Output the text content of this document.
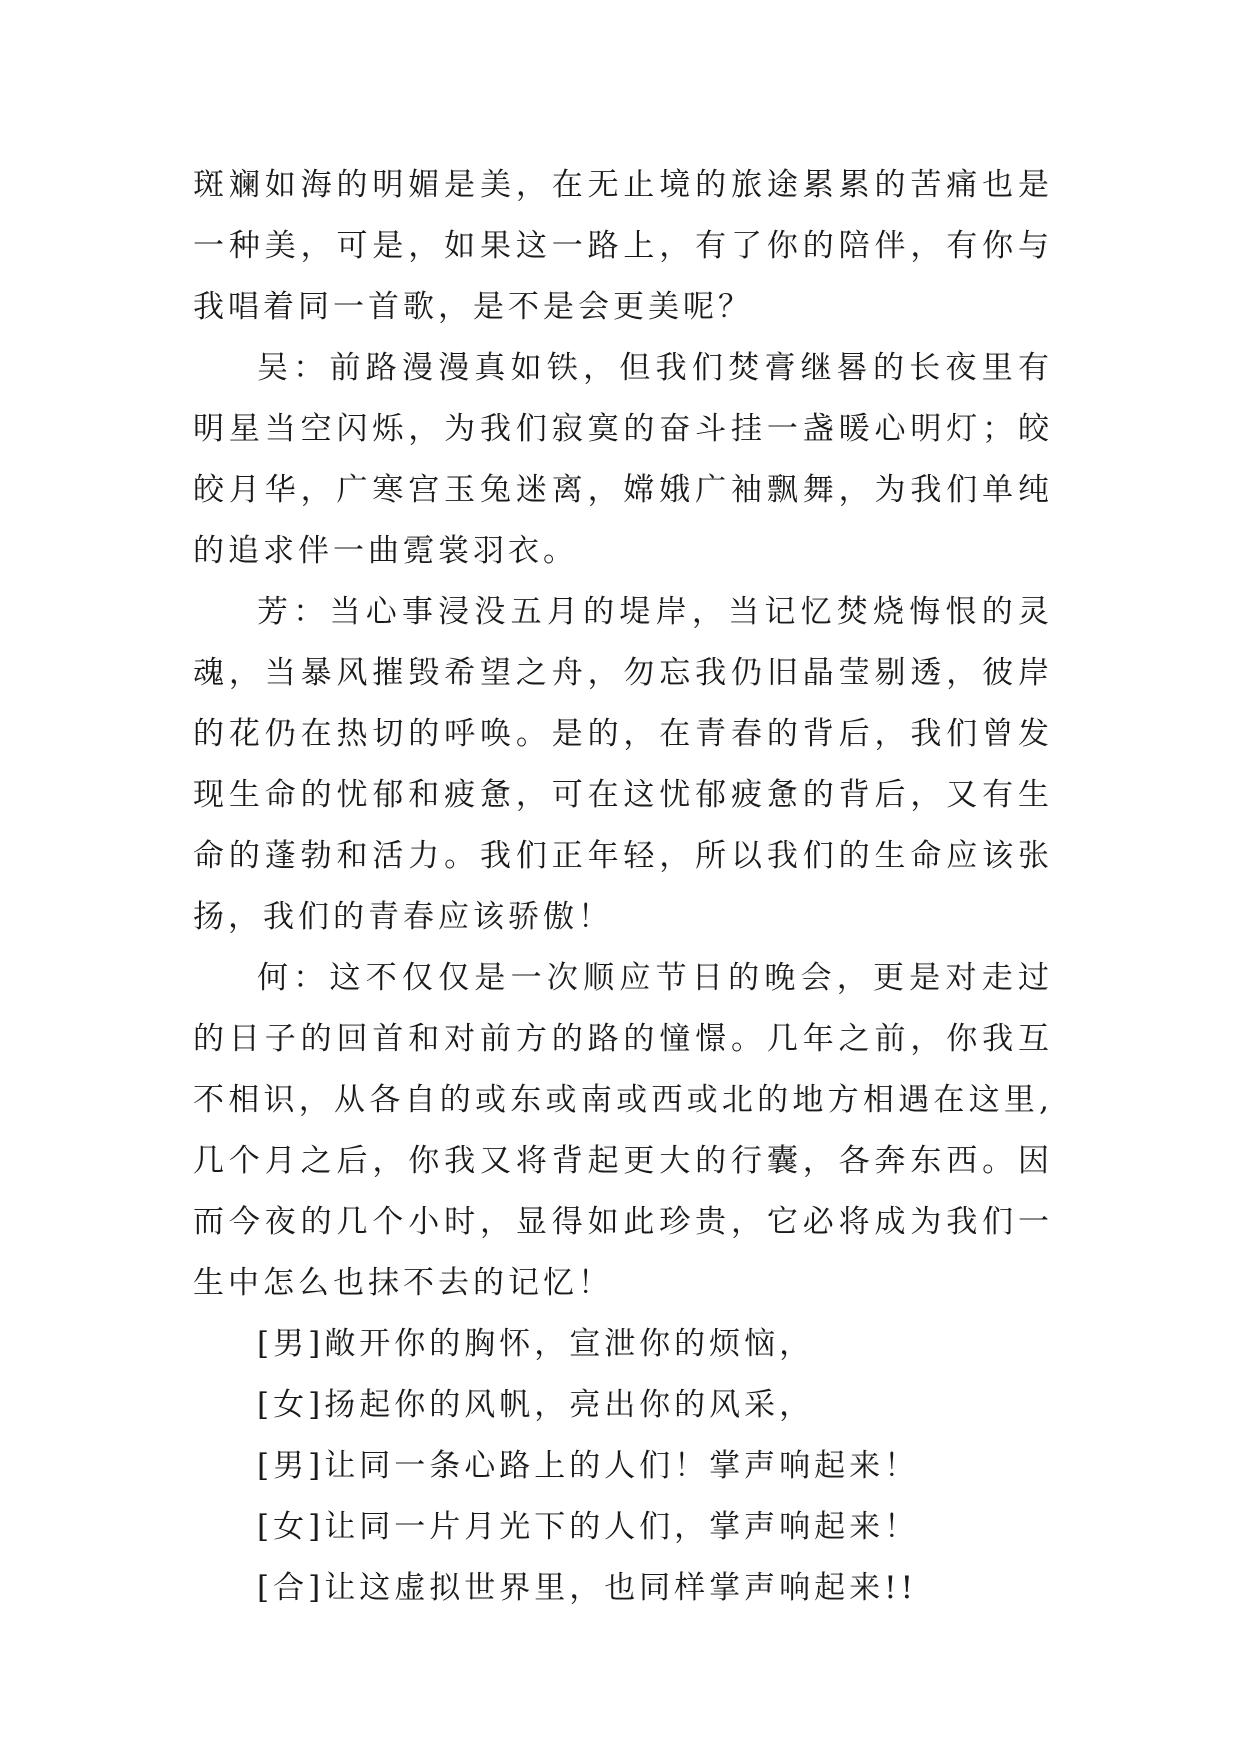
斑斓如海的明媚是美，在无止境的旅途累累的苦痛也是一种美，可是，如果这一路上，有了你的陪伴，有你与我唱着同一首歌，是不是会更美呢？

吴：前路漫漫真如铁，但我们焚膏继晷的长夜里有明星当空闪烁，为我们寂寞的奋斗挂一盏暖心明灯；皎皎月华，广寒宫玉兔迷离，嫦娥广袖飘舞，为我们单纯的追求伴一曲霓裳羽衣。

芳：当心事浸没五月的堤岸，当记忆焚烧悔恨的灵魂，当暴风摧毁希望之舟，勿忘我仍旧晶莹剔透，彼岸的花仍在热切的呼唤。是的，在青春的背后，我们曾发现生命的忧郁和疲惫，可在这忧郁疲惫的背后，又有生命的蓬勃和活力。我们正年轻，所以我们的生命应该张扬，我们的青春应该骄傲！

何：这不仅仅是一次顺应节日的晚会，更是对走过的日子的回首和对前方的路的憧憬。几年之前，你我互不相识，从各自的或东或南或西或北的地方相遇在这里,几个月之后，你我又将背起更大的行囊，各奔东西。因而今夜的几个小时，显得如此珍贵，它必将成为我们一生中怎么也抹不去的记忆！

[男]敞开你的胸怀，宣泄你的烦恼，

[女]扬起你的风帆，亮出你的风采，

[男]让同一条心路上的人们！掌声响起来！

[女]让同一片月光下的人们，掌声响起来！

[合]让这虚拟世界里，也同样掌声响起来!!
